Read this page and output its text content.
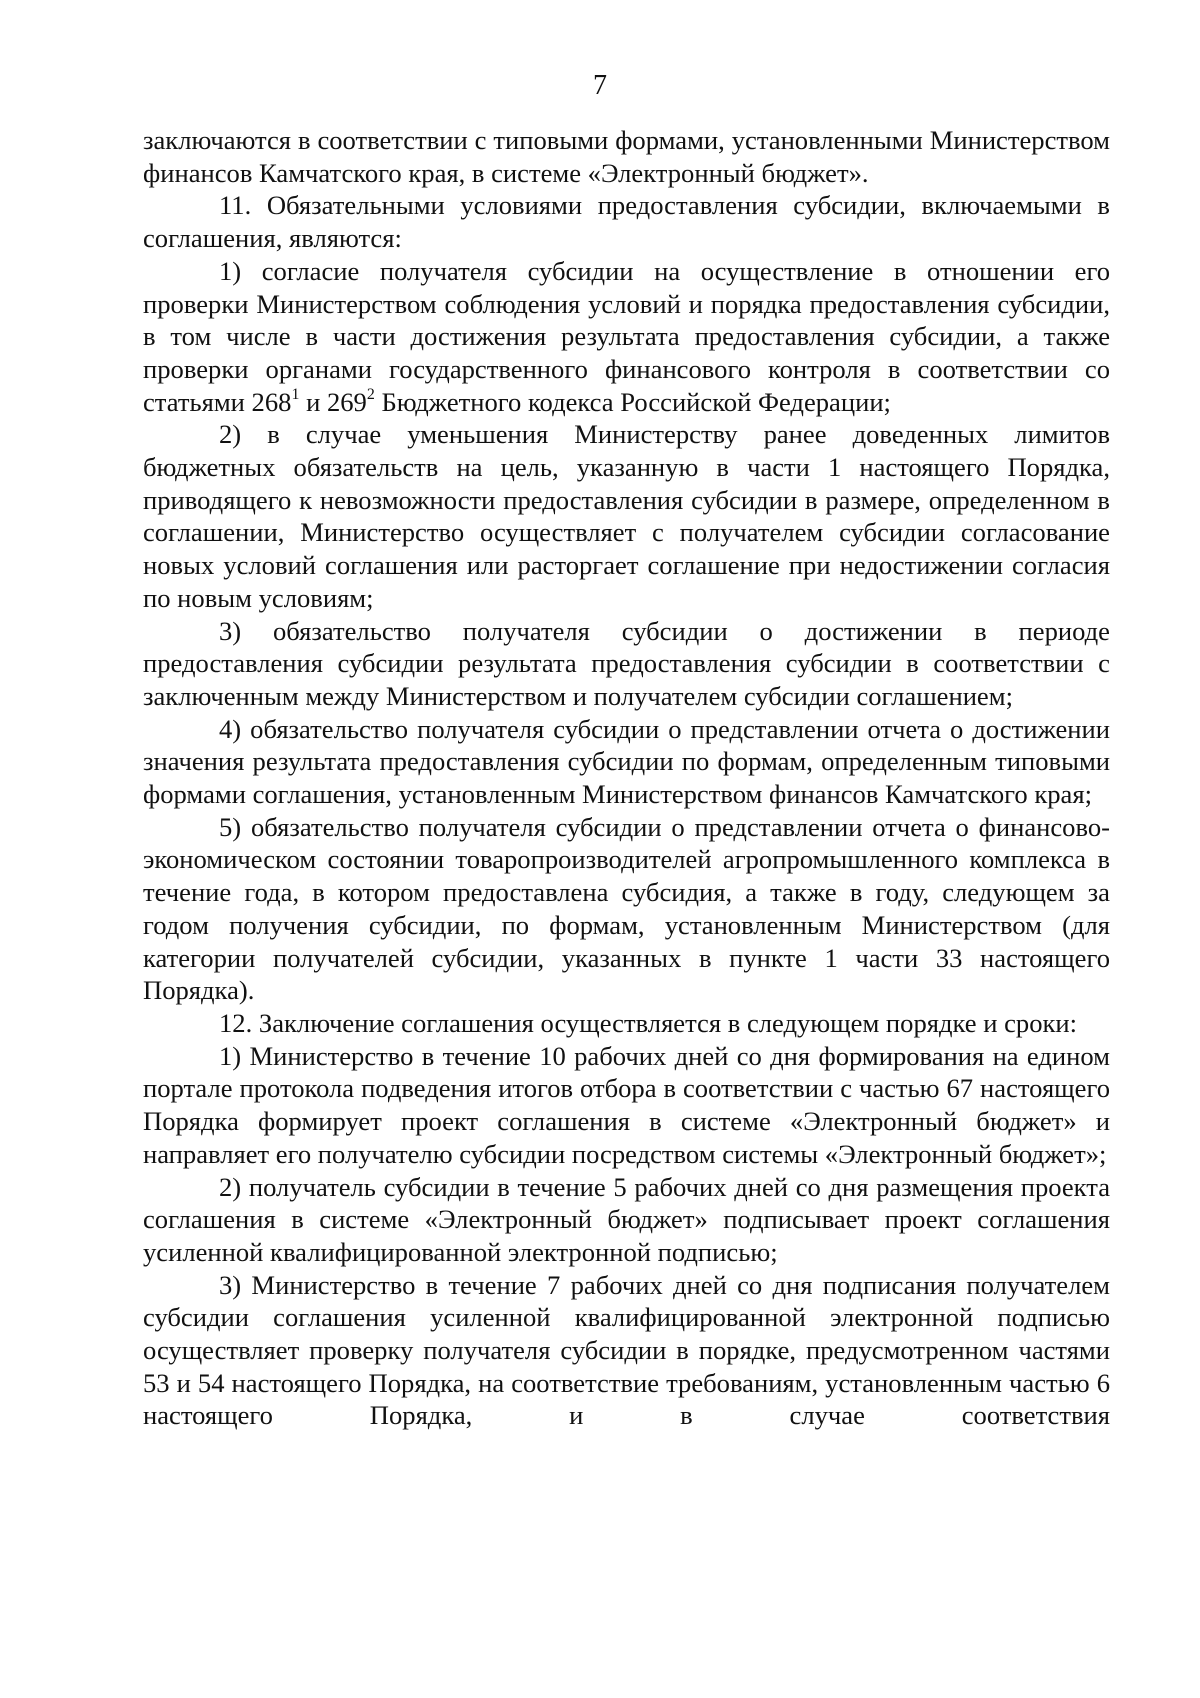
7

заключаются в соответствии с типовыми формами, установленными Министерством финансов Камчатского края, в системе «Электронный бюджет».

11. Обязательными условиями предоставления субсидии, включаемыми в соглашения, являются:

1) согласие получателя субсидии на осуществление в отношении его проверки Министерством соблюдения условий и порядка предоставления субсидии, в том числе в части достижения результата предоставления субсидии, а также проверки органами государственного финансового контроля в соответствии со статьями $268^1$ и $269^2$ Бюджетного кодекса Российской Федерации;

2) в случае уменьшения Министерству ранее доведенных лимитов бюджетных обязательств на цель, указанную в части 1 настоящего Порядка, приводящего к невозможности предоставления субсидии в размере, определенном в соглашении, Министерство осуществляет с получателем субсидии согласование новых условий соглашения или расторгает соглашение при недостижении согласия по новым условиям;

3) обязательство получателя субсидии о достижении в периоде предоставления субсидии результата предоставления субсидии в соответствии с заключенным между Министерством и получателем субсидии соглашением;

4) обязательство получателя субсидии о представлении отчета о достижении значения результата предоставления субсидии по формам, определенным типовыми формами соглашения, установленным Министерством финансов Камчатского края;

5) обязательство получателя субсидии о представлении отчета о финансово-экономическом состоянии товаропроизводителей агропромышленного комплекса в течение года, в котором предоставлена субсидия, а также в году, следующем за годом получения субсидии, по формам, установленным Министерством (для категории получателей субсидии, указанных в пункте 1 части 33 настоящего Порядка).

12. Заключение соглашения осуществляется в следующем порядке и сроки:

1) Министерство в течение 10 рабочих дней со дня формирования на едином портале протокола подведения итогов отбора в соответствии с частью 67 настоящего Порядка формирует проект соглашения в системе «Электронный бюджет» и направляет его получателю субсидии посредством системы «Электронный бюджет»;

2) получатель субсидии в течение 5 рабочих дней со дня размещения проекта соглашения в системе «Электронный бюджет» подписывает проект соглашения усиленной квалифицированной электронной подписью;

3) Министерство в течение 7 рабочих дней со дня подписания получателем субсидии соглашения усиленной квалифицированной электронной подписью осуществляет проверку получателя субсидии в порядке, предусмотренном частями 53 и 54 настоящего Порядка, на соответствие требованиям, установленным частью 6 настоящего Порядка, и в случае соответствия
